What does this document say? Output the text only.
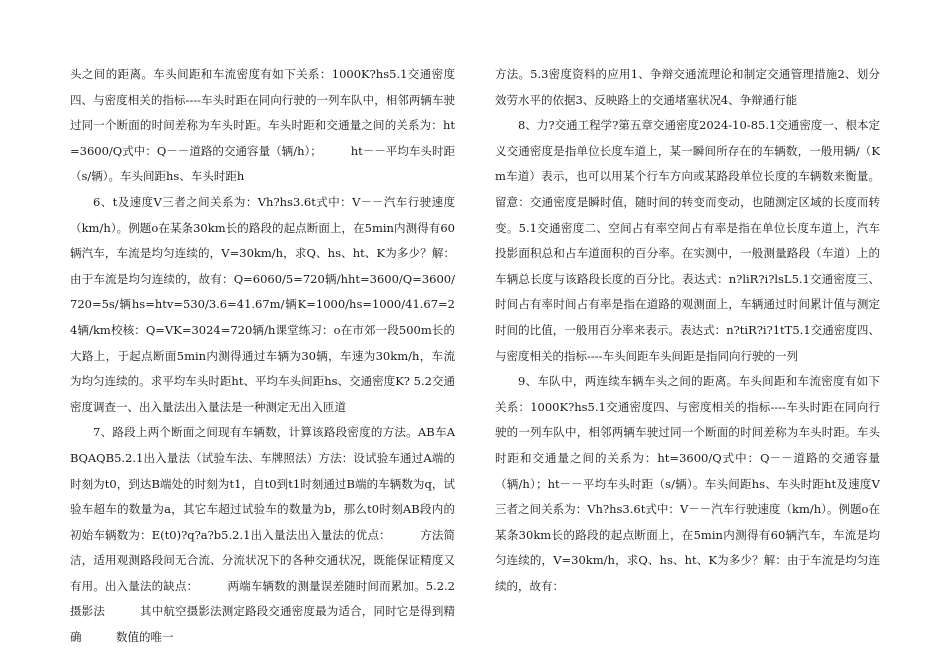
头之间的距离。车头间距和车流密度有如下关系：1000K?hs5.1交通密度四、与密度相关的指标----车头时距在同向行驶的一列车队中，相邻两辆车驶过同一个断面的时间差称为车头时距。车头时距和交通量之间的关系为：ht=3600/Q式中：Q－－道路的交通容量（辆/h）；　　　ht－－平均车头时距（s/辆）。车头间距hs、车头时距h

6、t及速度V三者之间关系为：Vh?hs3.6t式中：V－－汽车行驶速度（km/h）。例题o在某条30km长的路段的起点断面上，在5min内测得有60辆汽车，车流是均匀连续的，V=30km/h，求Q、hs、ht、K为多少？解：由于车流是均匀连续的，故有：Q=6060/5=720辆/hht=3600/Q=3600/720=5s/辆hs=htv=530/3.6=41.67m/辆K=1000/hs=1000/41.67=24辆/km校核：Q=VK=3024=720辆/h课堂练习：o在市郊一段500m长的大路上，于起点断面5min内测得通过车辆为30辆，车速为30km/h，车流为均匀连续的。求平均车头时距ht、平均车头间距hs、交通密度K? 5.2交通密度调查一、出入量法出入量法是一种测定无出入匝道

7、路段上两个断面之间现有车辆数，计算该路段密度的方法。AB车ABQAQB5.2.1出入量法（试验车法、车牌照法）方法：设试验车通过A端的时刻为t0，到达B端处的时刻为t1，自t0到t1时刻通过B端的车辆数为q，试验车超车的数量为a，其它车超过试验车的数量为b，那么t0时刻AB段内的初始车辆数为：E(t0)?q?a?b5.2.1出入量法出入量法的优点：　　　方法简洁，适用观测路段间无合流、分流状况下的各种交通状况，既能保证精度又有用。出入量法的缺点：　　　两端车辆数的测量误差随时间而累加。5.2.2摄影法　　　其中航空摄影法测定路段交通密度最为适合，同时它是得到精确　　　数值的唯一

方法。5.3密度资料的应用1、争辩交通流理论和制定交通管理措施2、划分效劳水平的依据3、反映路上的交通堵塞状况4、争辩通行能

8、力?交通工程学?第五章交通密度2024-10-85.1交通密度一、根本定义交通密度是指单位长度车道上，某一瞬间所存在的车辆数，一般用辆/（Km车道）表示，也可以用某个行车方向或某路段单位长度的车辆数来衡量。留意：交通密度是瞬时值，随时间的转变而变动，也随测定区域的长度而转变。5.1交通密度二、空间占有率空间占有率是指在单位长度车道上，汽车投影面积总和占车道面积的百分率。在实测中，一般测量路段（车道）上的车辆总长度与该路段长度的百分比。表达式：n?liR?i?lsL5.1交通密度三、时间占有率时间占有率是指在道路的观测面上，车辆通过时间累计值与测定时间的比值，一般用百分率来表示。表达式：n?tiR?i?1tT5.1交通密度四、与密度相关的指标----车头间距车头间距是指同向行驶的一列

9、车队中，两连续车辆车头之间的距离。车头间距和车流密度有如下关系：1000K?hs5.1交通密度四、与密度相关的指标----车头时距在同向行驶的一列车队中，相邻两辆车驶过同一个断面的时间差称为车头时距。车头时距和交通量之间的关系为：ht=3600/Q式中：Q－－道路的交通容量（辆/h）；ht－－平均车头时距（s/辆）。车头间距hs、车头时距ht及速度V三者之间关系为：Vh?hs3.6t式中：V－－汽车行驶速度（km/h）。例题o在某条30km长的路段的起点断面上，在5min内测得有60辆汽车，车流是均匀连续的，V=30km/h，求Q、hs、ht、K为多少？解：由于车流是均匀连续的，故有：
